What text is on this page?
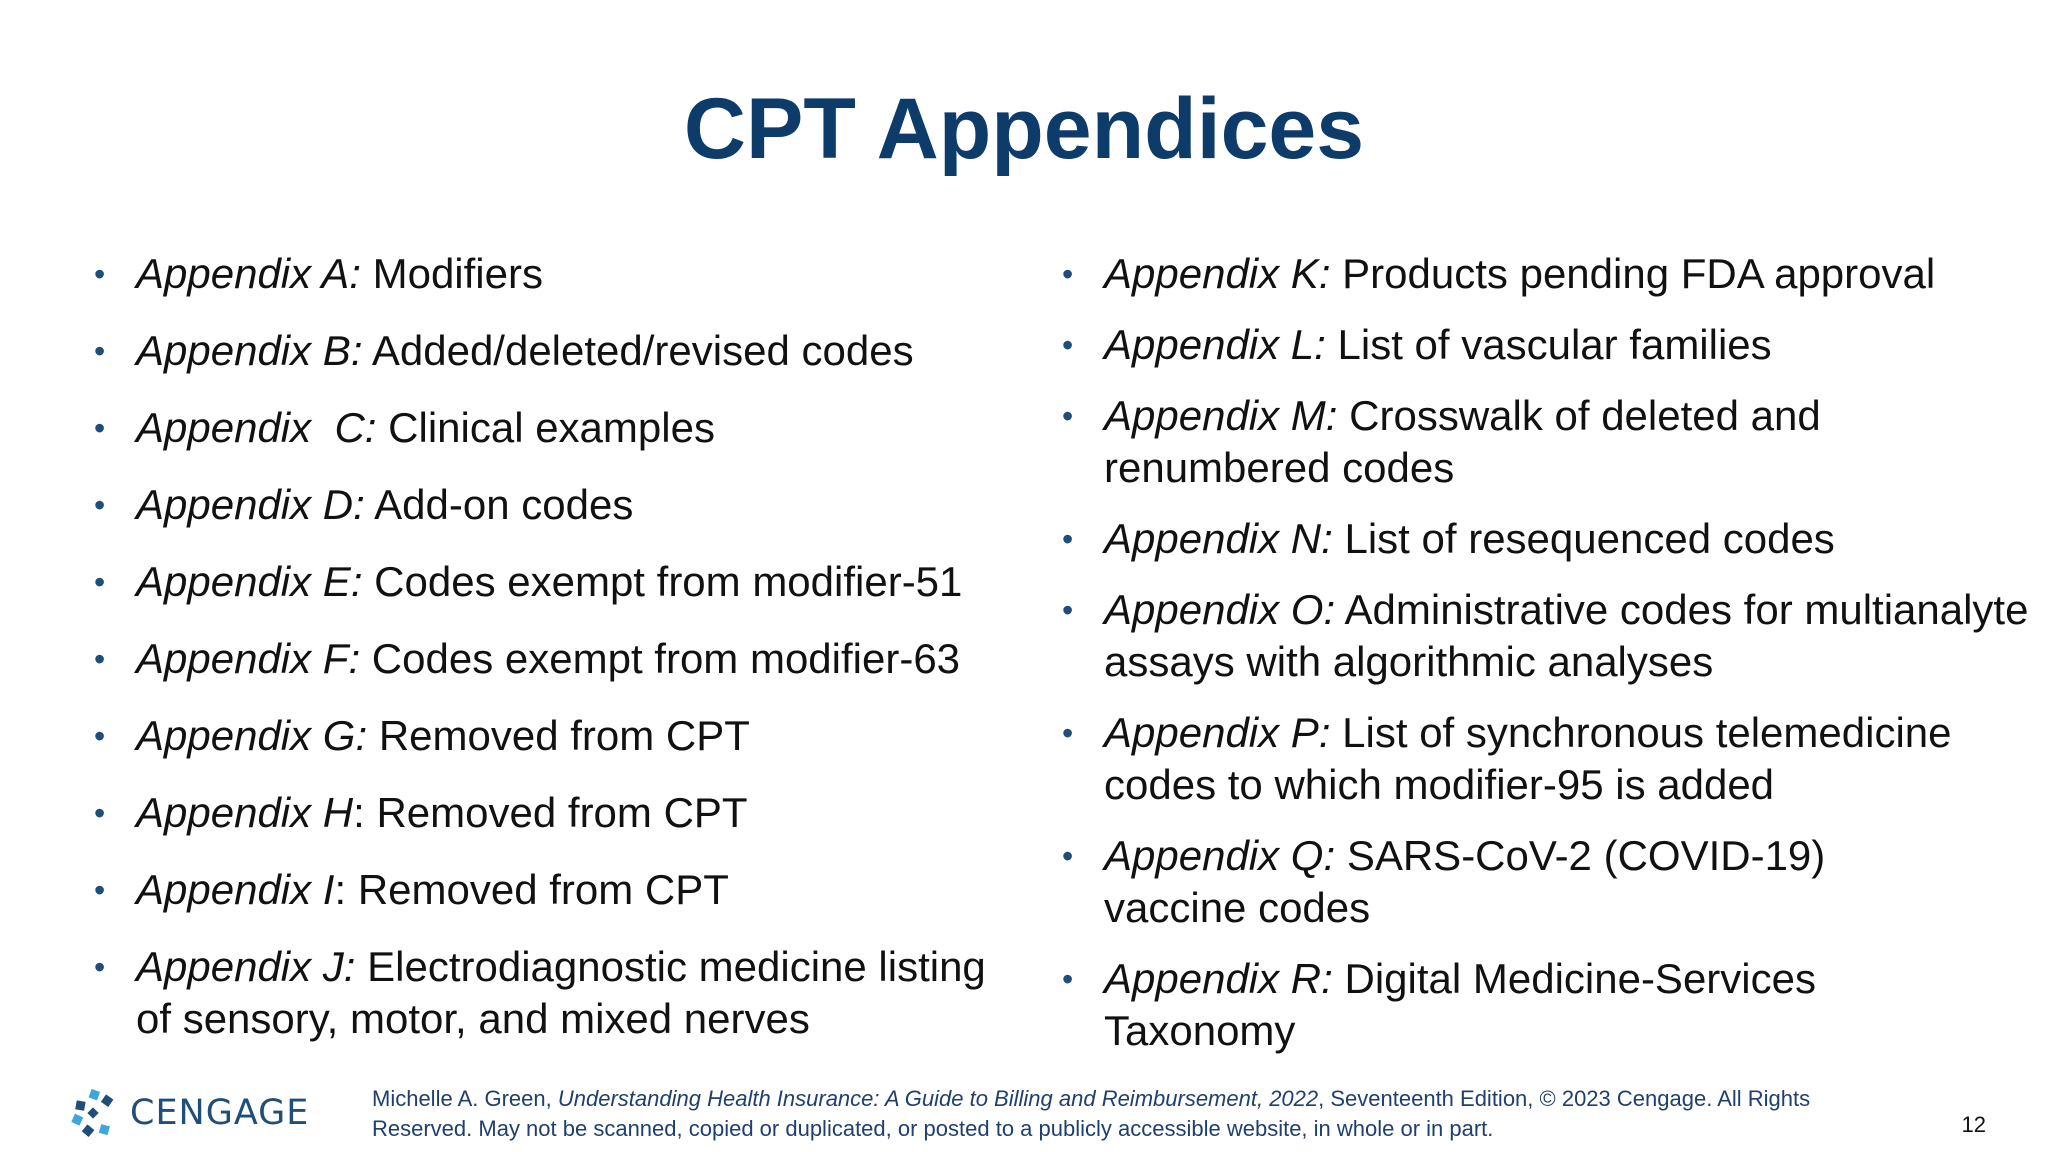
CPT Appendices
• Appendix A: Modifiers
• Appendix B: Added/deleted/revised codes
• Appendix  C: Clinical examples
• Appendix D: Add-on codes
• Appendix E: Codes exempt from modifier-51
• Appendix F: Codes exempt from modifier-63
• Appendix G: Removed from CPT
• Appendix H: Removed from CPT
• Appendix I: Removed from CPT
• Appendix J: Electrodiagnostic medicine listing of sensory, motor, and mixed nerves
• Appendix K: Products pending FDA approval
• Appendix L: List of vascular families
• Appendix M: Crosswalk of deleted and renumbered codes
• Appendix N: List of resequenced codes
• Appendix O: Administrative codes for multianalyte assays with algorithmic analyses
• Appendix P: List of synchronous telemedicine codes to which modifier-95 is added
• Appendix Q: SARS-CoV-2 (COVID-19) vaccine codes
• Appendix R: Digital Medicine-Services Taxonomy
CENGAGE	Michelle A. Green, Understanding Health Insurance: A Guide to Billing and Reimbursement, 2022, Seventeenth Edition, © 2023 Cengage. All Rights Reserved. May not be scanned, copied or duplicated, or posted to a publicly accessible website, in whole or in part.	12
